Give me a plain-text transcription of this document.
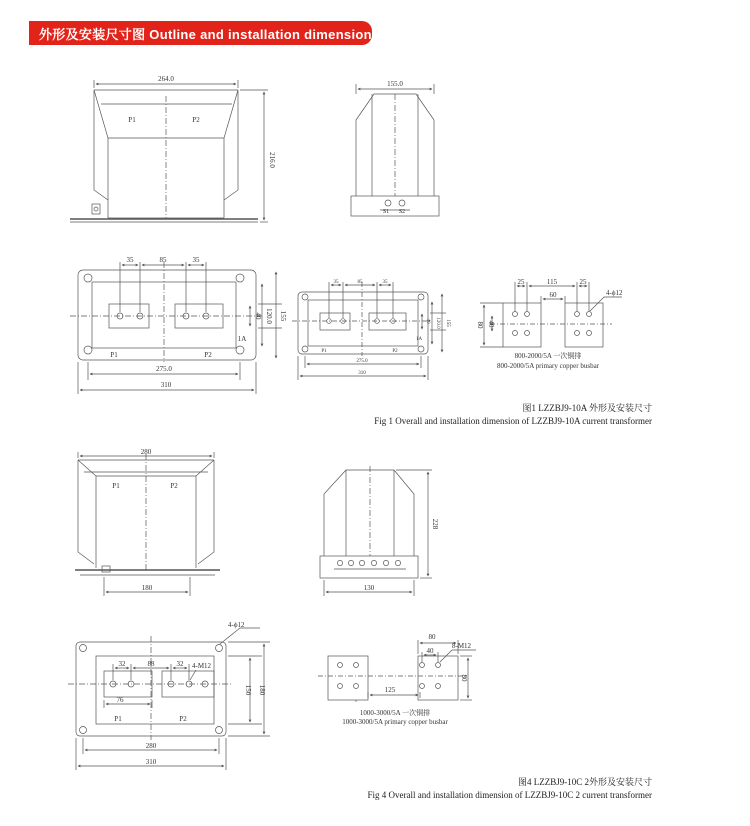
外形及安装尺寸图 Outline and installation dimension
264.0
P1	P2
216.0
155.0
S1 S2
35	85	35
40 120.0 155
1A
P1	P2
275.0
310
35	85	35
40 120.0 155
1A
P1	P2
275.0
310
25	115	25
60	4-ϕ12
80 40
800-2000/5A 一次铜排
800-2000/5A primary copper busbar
280
P1	P2
180
228
130
4-ϕ12
32	88	32 4-M12
76
150 180
P1	P2
280
310
80
40
8-M12
80
125
1000-3000/5A 一次铜排
1000-3000/5A primary copper busbar
图1 LZZBJ9-10A 外形及安装尺寸
Fig 1 Overall and installation dimension of LZZBJ9-10A current transformer
图4 LZZBJ9-10C 2外形及安装尺寸
Fig 4 Overall and installation dimension of LZZBJ9-10C 2 current transformer
